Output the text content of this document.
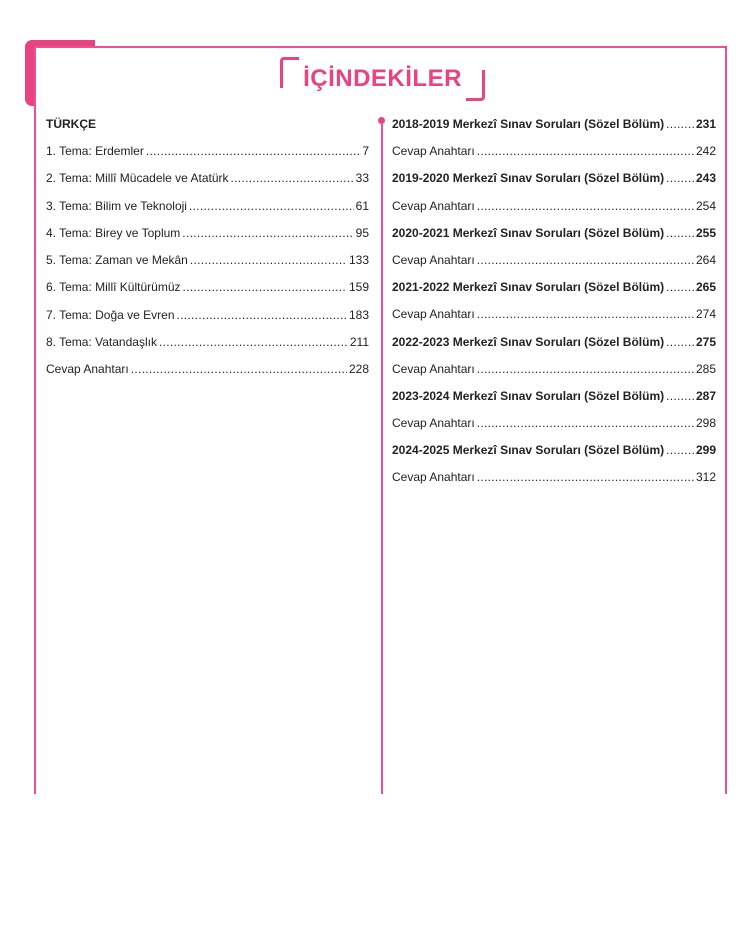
İÇİNDEKİLER
TÜRKÇE
1. Tema: Erdemler .....	7
2. Tema: Millî Mücadele ve Atatürk .....	33
3. Tema: Bilim ve Teknoloji .....	61
4. Tema: Birey ve Toplum .....	95
5. Tema: Zaman ve Mekân .....	133
6. Tema: Millî Kültürümüz .....	159
7. Tema: Doğa ve Evren .....	183
8. Tema: Vatandaşlık .....	211
Cevap Anahtarı .....	228
2018-2019 Merkezî Sınav Soruları (Sözel Bölüm) .....	231
Cevap Anahtarı .....	242
2019-2020 Merkezî Sınav Soruları (Sözel Bölüm) .....	243
Cevap Anahtarı .....	254
2020-2021 Merkezî Sınav Soruları (Sözel Bölüm) .....	255
Cevap Anahtarı .....	264
2021-2022 Merkezî Sınav Soruları (Sözel Bölüm) .....	265
Cevap Anahtarı .....	274
2022-2023 Merkezî Sınav Soruları (Sözel Bölüm) .....	275
Cevap Anahtarı .....	285
2023-2024 Merkezî Sınav Soruları (Sözel Bölüm) .....	287
Cevap Anahtarı .....	298
2024-2025 Merkezî Sınav Soruları (Sözel Bölüm) .....	299
Cevap Anahtarı .....	312
